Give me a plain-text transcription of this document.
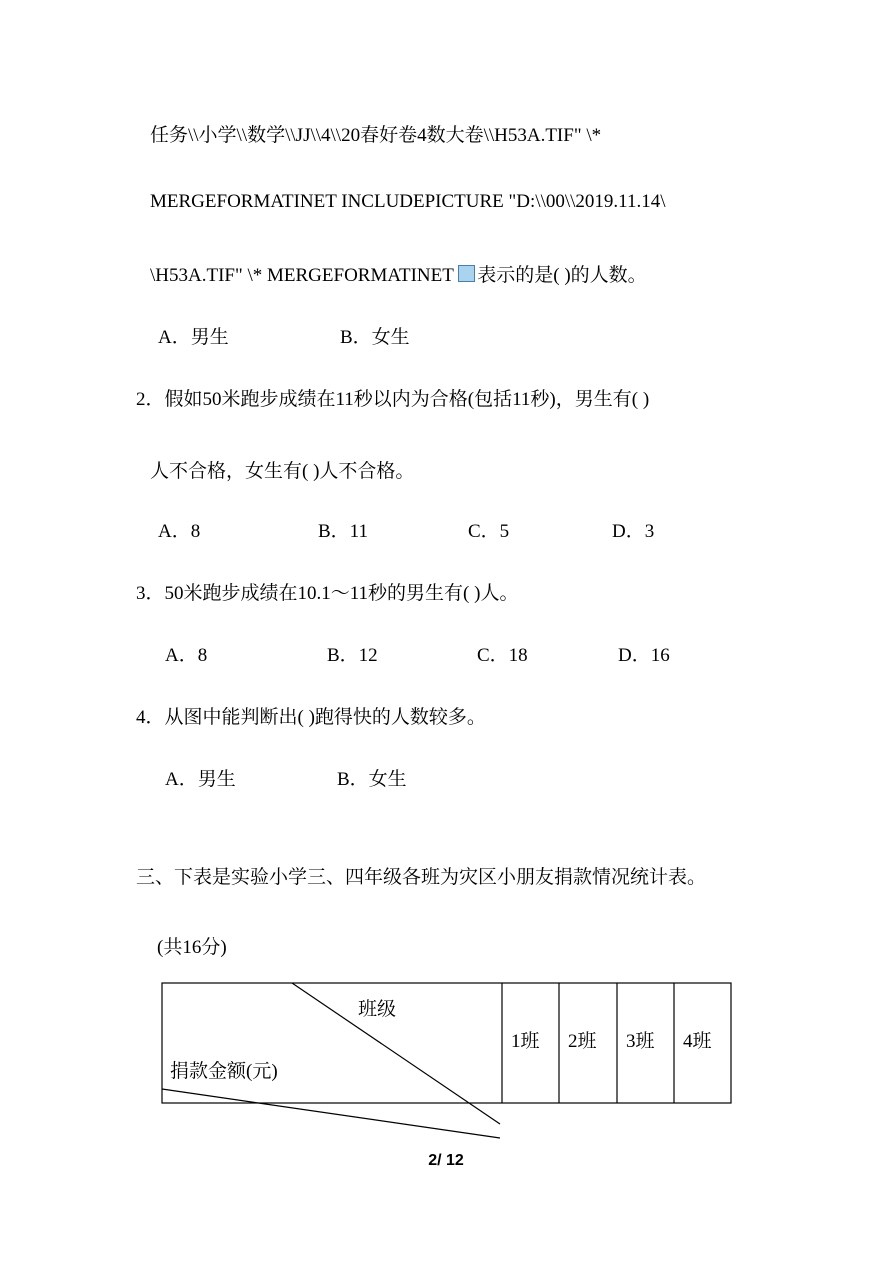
任务\\小学\\数学\\JJ\\4\\20春好卷4数大卷\\H53A.TIF" \*
MERGEFORMATINET INCLUDEPICTURE "D:\\00\\2019.11.14\
\H53A.TIF" \* MERGEFORMATINET 表示的是( )的人数。
A．男生	B．女生
2．假如50米跑步成绩在11秒以内为合格(包括11秒)，男生有( )
人不合格，女生有( )人不合格。
A．8	B．11	C．5	D．3
3．50米跑步成绩在10.1～11秒的男生有( )人。
A．8	B．12	C．18	D．16
4．从图中能判断出( )跑得快的人数较多。
A．男生	B．女生
三、下表是实验小学三、四年级各班为灾区小朋友捐款情况统计表。
(共16分)
班级
捐款金额(元)
1班 2班 3班 4班
2/ 12
